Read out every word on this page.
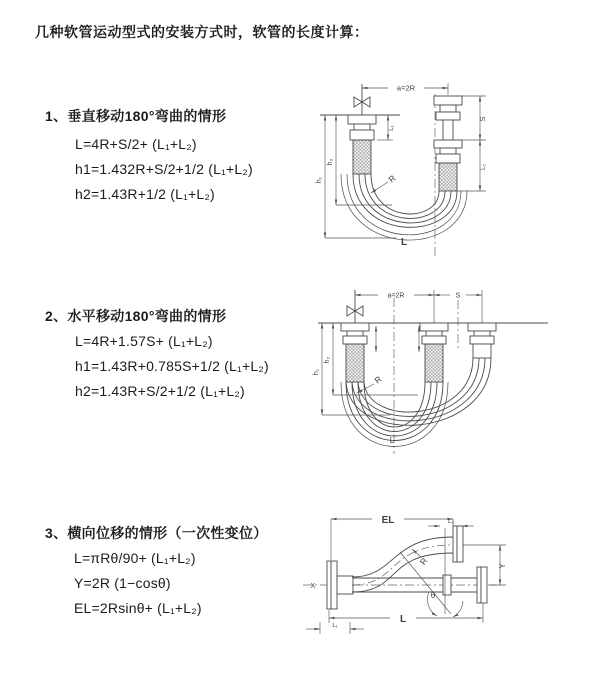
几种软管运动型式的安装方式时，软管的长度计算：
1、垂直移动180°弯曲的情形
L=4R+S/2+ (L₁+L₂)
h1=1.432R+S/2+1/2 (L₁+L₂)
h2=1.43R+1/2 (L₁+L₂)
2、水平移动180°弯曲的情形
L=4R+1.57S+ (L₁+L₂)
h1=1.43R+0.785S+1/2 (L₁+L₂)
h2=1.43R+S/2+1/2 (L₁+L₂)
3、横向位移的情形（一次性变位）
L=πRθ/90+ (L₁+L₂)
Y=2R (1−cosθ)
EL=2Rsinθ+ (L₁+L₂)
a=2R
h₁
h₂
L₁
S
L₂
R
L
a=2R	S
h₁
h₂
R
L
X
EL	L₂
Y
θ
R
L
L₁
